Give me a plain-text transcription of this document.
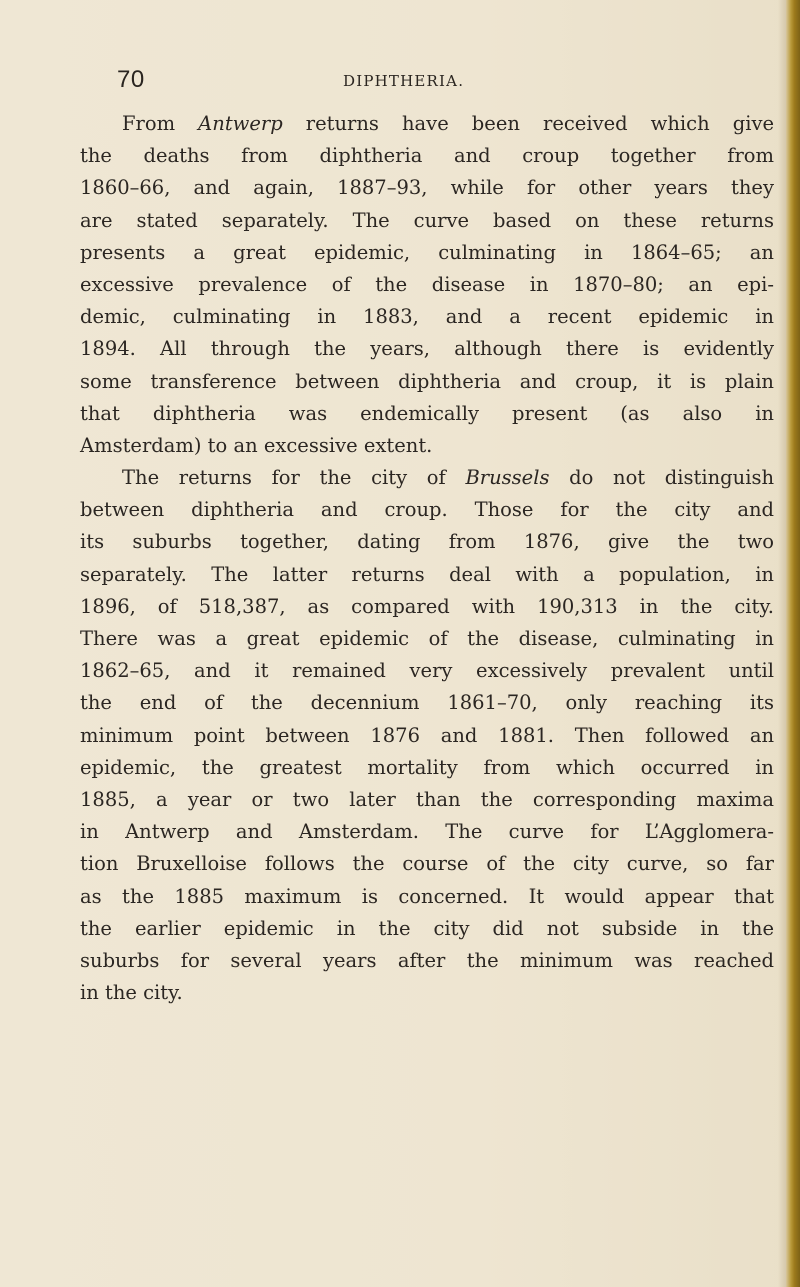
70	DIPHTHERIA.
From Antwerp returns have been received which give
the deaths from diphtheria and croup together from
1860–66, and again, 1887–93, while for other years they
are stated separately. The curve based on these returns
presents a great epidemic, culminating in 1864–65; an
excessive prevalence of the disease in 1870–80; an epi-
demic, culminating in 1883, and a recent epidemic in
1894. All through the years, although there is evidently
some transference between diphtheria and croup, it is plain
that diphtheria was endemically present (as also in
Amsterdam) to an excessive extent.
The returns for the city of Brussels do not distinguish
between diphtheria and croup. Those for the city and
its suburbs together, dating from 1876, give the two
separately. The latter returns deal with a population, in
1896, of 518,387, as compared with 190,313 in the city.
There was a great epidemic of the disease, culminating in
1862–65, and it remained very excessively prevalent until
the end of the decennium 1861–70, only reaching its
minimum point between 1876 and 1881. Then followed an
epidemic, the greatest mortality from which occurred in
1885, a year or two later than the corresponding maxima
in Antwerp and Amsterdam. The curve for L’Agglomera-
tion Bruxelloise follows the course of the city curve, so far
as the 1885 maximum is concerned. It would appear that
the earlier epidemic in the city did not subside in the
suburbs for several years after the minimum was reached
in the city.
